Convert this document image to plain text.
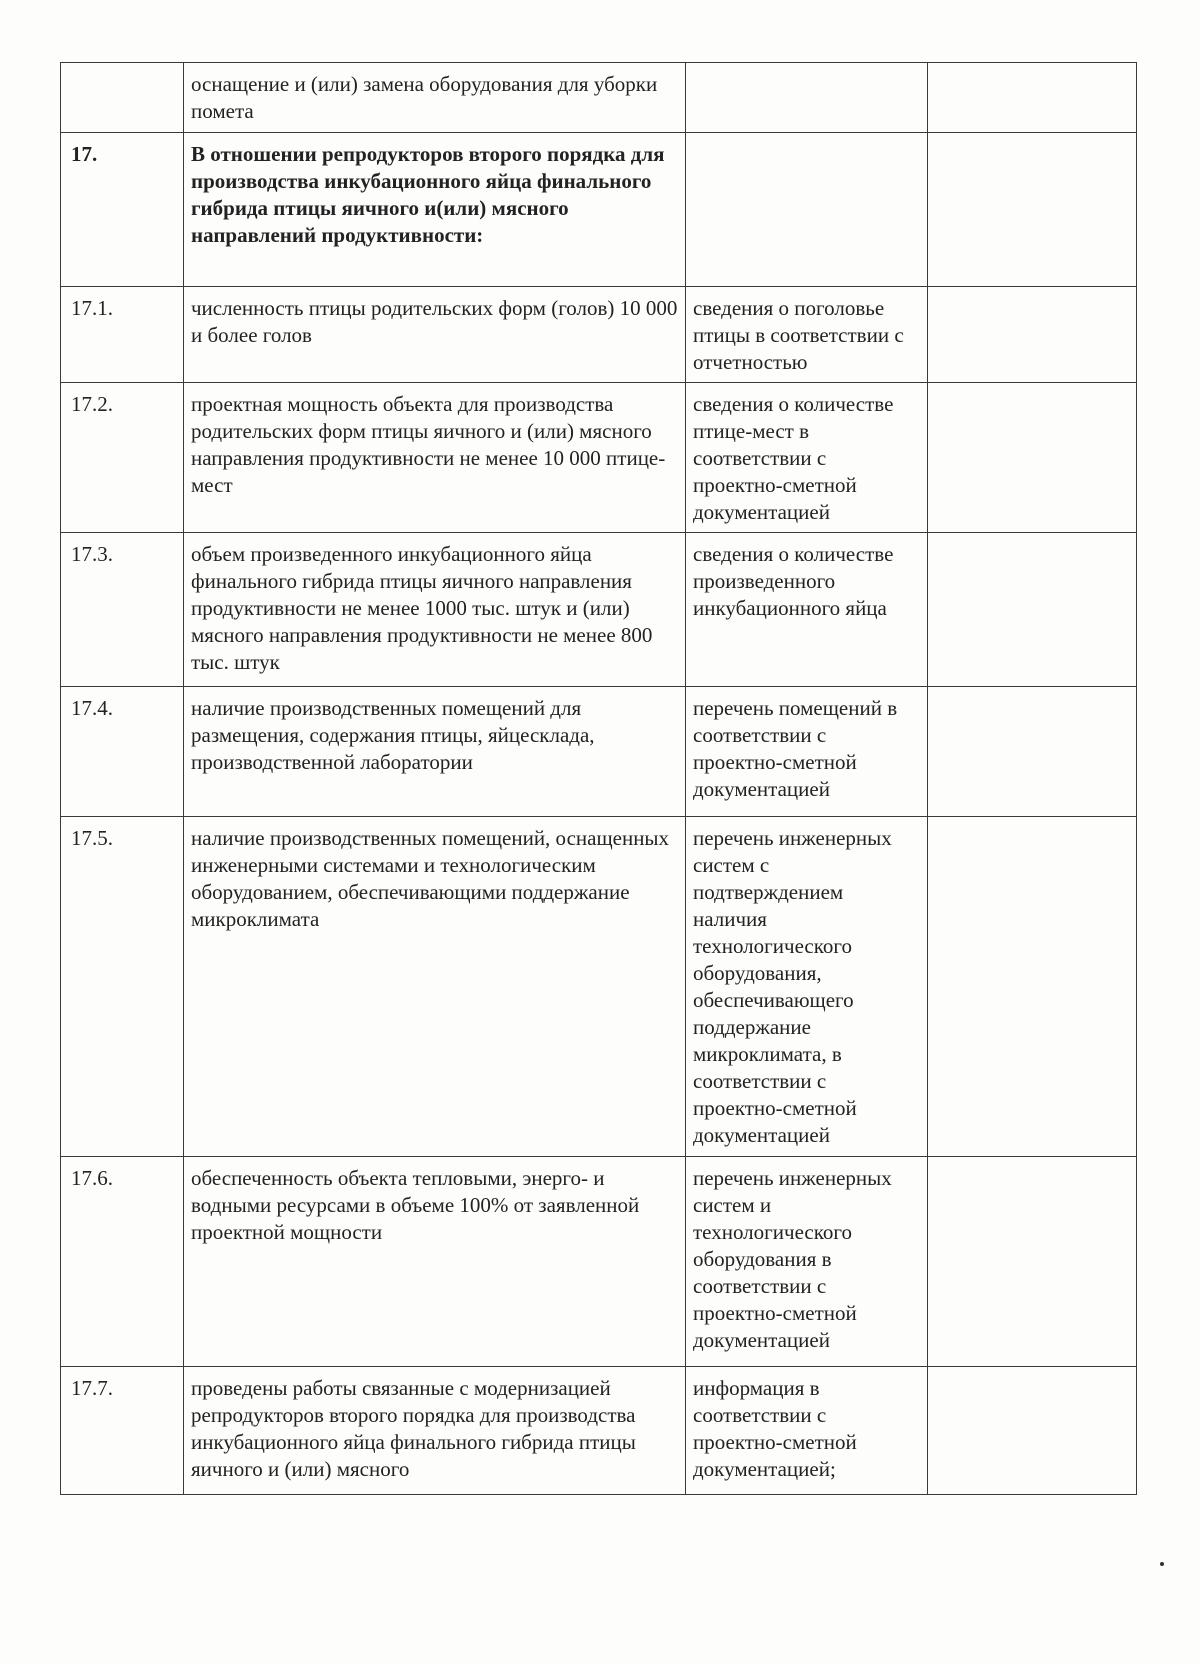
	оснащение и (или) замена оборудования для уборки помета		
17.	В отношении репродукторов второго порядка для производства инкубационного яйца финального гибрида птицы яичного и(или) мясного направлений продуктивности:		
17.1.	численность птицы родительских форм (голов) 10 000 и более голов	сведения о поголовье птицы в соответствии с отчетностью	
17.2.	проектная мощность объекта для производства родительских форм птицы яичного и (или) мясного направления продуктивности не менее 10 000 птице-мест	сведения о количестве птице-мест в соответствии с проектно-сметной документацией	
17.3.	объем произведенного инкубационного яйца финального гибрида птицы яичного направления продуктивности не менее 1000 тыс. штук и (или) мясного направления продуктивности не менее 800 тыс. штук	сведения о количестве произведенного инкубационного яйца	
17.4.	наличие производственных помещений для размещения, содержания птицы, яйцесклада, производственной лаборатории	перечень помещений в соответствии с проектно-сметной документацией	
17.5.	наличие производственных помещений, оснащенных инженерными системами и технологическим оборудованием, обеспечивающими поддержание микроклимата	перечень инженерных систем с подтверждением наличия технологического оборудования, обеспечивающего поддержание микроклимата, в соответствии с проектно-сметной документацией	
17.6.	обеспеченность объекта тепловыми, энерго- и водными ресурсами в объеме 100% от заявленной проектной мощности	перечень инженерных систем и технологического оборудования в соответствии с проектно-сметной документацией	
17.7.	проведены работы связанные с модернизацией репродукторов второго порядка для производства инкубационного яйца финального гибрида птицы яичного и (или) мясного	информация в соответствии с проектно-сметной документацией;	
